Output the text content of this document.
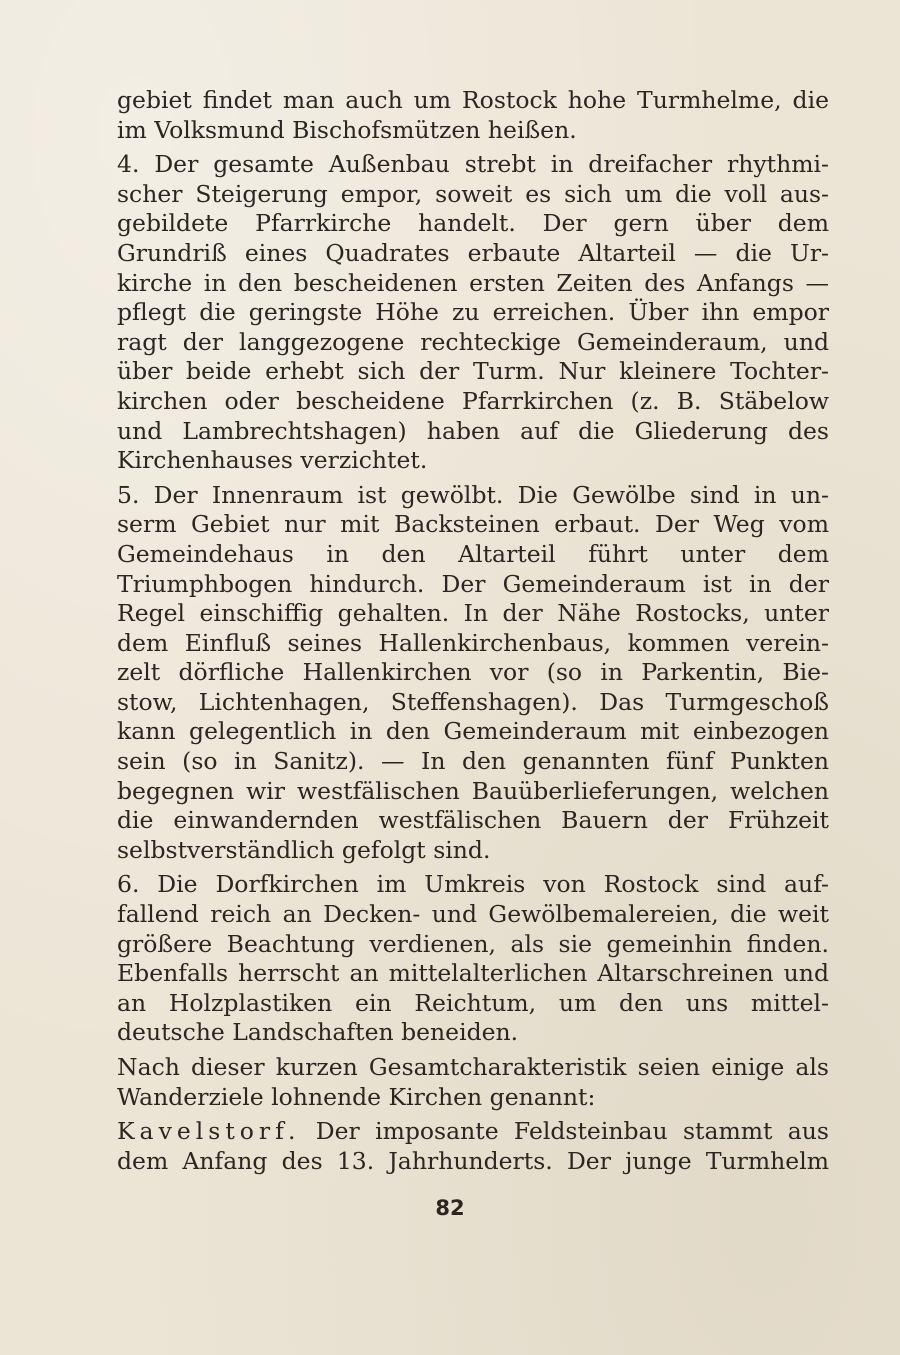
gebiet findet man auch um Rostock hohe Turmhelme, die
im Volksmund Bischofsmützen heißen.
4. Der gesamte Außenbau strebt in dreifacher rhythmi-
scher Steigerung empor, soweit es sich um die voll aus-
gebildete Pfarrkirche handelt. Der gern über dem
Grundriß eines Quadrates erbaute Altarteil — die Ur-
kirche in den bescheidenen ersten Zeiten des Anfangs —
pflegt die geringste Höhe zu erreichen. Über ihn empor
ragt der langgezogene rechteckige Gemeinderaum, und
über beide erhebt sich der Turm. Nur kleinere Tochter-
kirchen oder bescheidene Pfarrkirchen (z. B. Stäbelow
und Lambrechtshagen) haben auf die Gliederung des
Kirchenhauses verzichtet.
5. Der Innenraum ist gewölbt. Die Gewölbe sind in un-
serm Gebiet nur mit Backsteinen erbaut. Der Weg vom
Gemeindehaus in den Altarteil führt unter dem
Triumphbogen hindurch. Der Gemeinderaum ist in der
Regel einschiffig gehalten. In der Nähe Rostocks, unter
dem Einfluß seines Hallenkirchenbaus, kommen verein-
zelt dörfliche Hallenkirchen vor (so in Parkentin, Bie-
stow, Lichtenhagen, Steffenshagen). Das Turmgeschoß
kann gelegentlich in den Gemeinderaum mit einbezogen
sein (so in Sanitz). — In den genannten fünf Punkten
begegnen wir westfälischen Bauüberlieferungen, welchen
die einwandernden westfälischen Bauern der Frühzeit
selbstverständlich gefolgt sind.
6. Die Dorfkirchen im Umkreis von Rostock sind auf-
fallend reich an Decken- und Gewölbemalereien, die weit
größere Beachtung verdienen, als sie gemeinhin finden.
Ebenfalls herrscht an mittelalterlichen Altarschreinen und
an Holzplastiken ein Reichtum, um den uns mittel-
deutsche Landschaften beneiden.
Nach dieser kurzen Gesamtcharakteristik seien einige als
Wanderziele lohnende Kirchen genannt:
Kavelstorf. Der imposante Feldsteinbau stammt aus
dem Anfang des 13. Jahrhunderts. Der junge Turmhelm
82
